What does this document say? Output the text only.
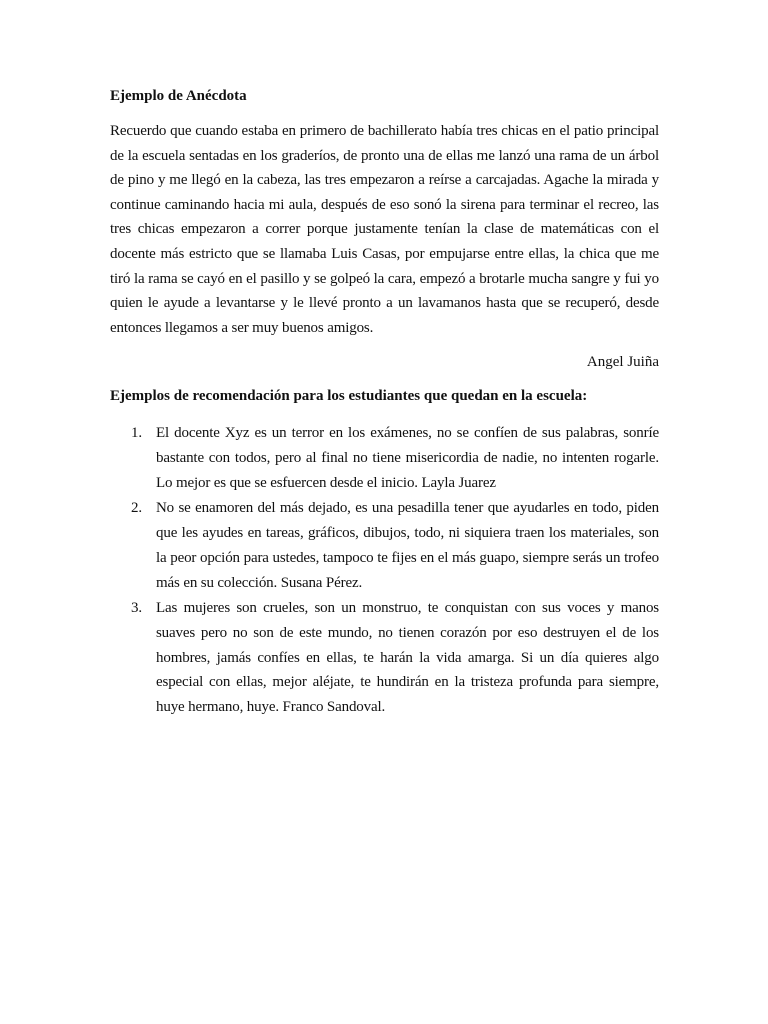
Ejemplo de Anécdota

Recuerdo que cuando estaba en primero de bachillerato había tres chicas en el patio principal de la escuela sentadas en los graderíos, de pronto una de ellas me lanzó una rama de un árbol de pino y me llegó en la cabeza, las tres empezaron a reírse a carcajadas. Agache la mirada y continue caminando hacia mi aula, después de eso sonó la sirena para terminar el recreo, las tres chicas empezaron a correr porque justamente tenían la clase de matemáticas con el docente más estricto que se llamaba Luis Casas, por empujarse entre ellas, la chica que me tiró la rama se cayó en el pasillo y se golpeó la cara, empezó a brotarle mucha sangre y fui yo quien le ayude a levantarse y le llevé pronto a un lavamanos hasta que se recuperó, desde entonces llegamos a ser muy buenos amigos.

Angel Juiña
Ejemplos de recomendación para los estudiantes que quedan en la escuela:
1. El docente Xyz es un terror en los exámenes, no se confíen de sus palabras, sonríe bastante con todos, pero al final no tiene misericordia de nadie, no intenten rogarle. Lo mejor es que se esfuercen desde el inicio. Layla Juarez
2. No se enamoren del más dejado, es una pesadilla tener que ayudarles en todo, piden que les ayudes en tareas, gráficos, dibujos, todo, ni siquiera traen los materiales, son la peor opción para ustedes, tampoco te fijes en el más guapo, siempre serás un trofeo más en su colección. Susana Pérez.
3. Las mujeres son crueles, son un monstruo, te conquistan con sus voces y manos suaves pero no son de este mundo, no tienen corazón por eso destruyen el de los hombres, jamás confíes en ellas, te harán la vida amarga. Si un día quieres algo especial con ellas, mejor aléjate, te hundirán en la tristeza profunda para siempre, huye hermano, huye. Franco Sandoval.
